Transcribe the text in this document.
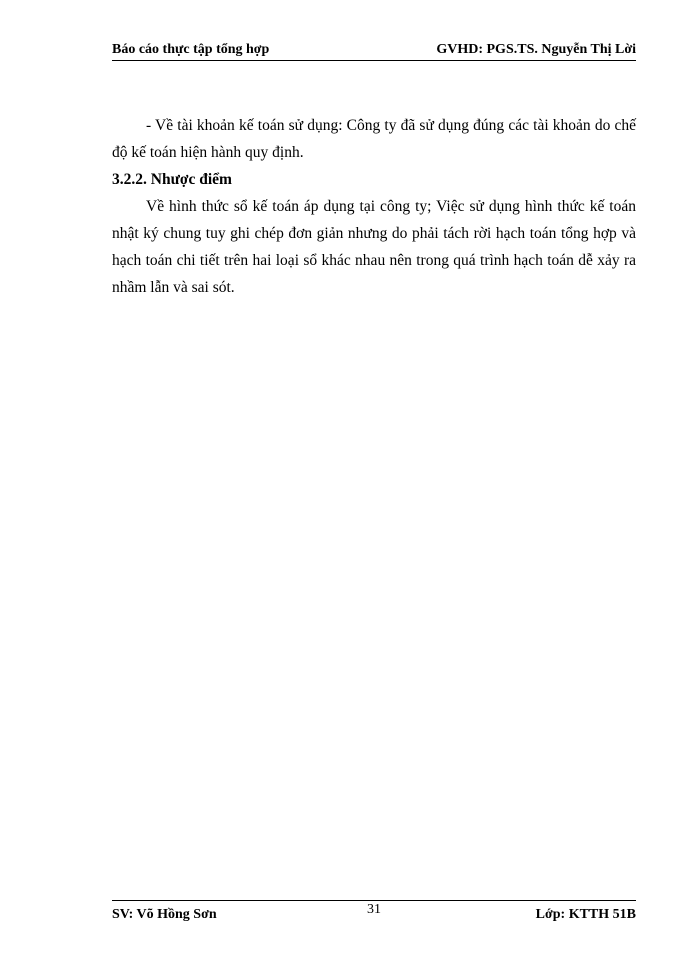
Báo cáo thực tập tổng hợp	GVHD: PGS.TS. Nguyễn Thị Lời

- Về tài khoản kế toán sử dụng: Công ty đã sử dụng đúng các tài khoản do chế độ kế toán hiện hành quy định.

3.2.2. Nhược điểm

Về hình thức sổ kế toán áp dụng tại công ty; Việc sử dụng hình thức kế toán nhật ký chung tuy ghi chép đơn giản nhưng do phải tách rời hạch toán tổng hợp và hạch toán chi tiết trên hai loại sổ khác nhau nên trong quá trình hạch toán dễ xảy ra nhầm lẫn và sai sót.

SV: Võ Hồng Sơn	31	Lớp: KTTH 51B
